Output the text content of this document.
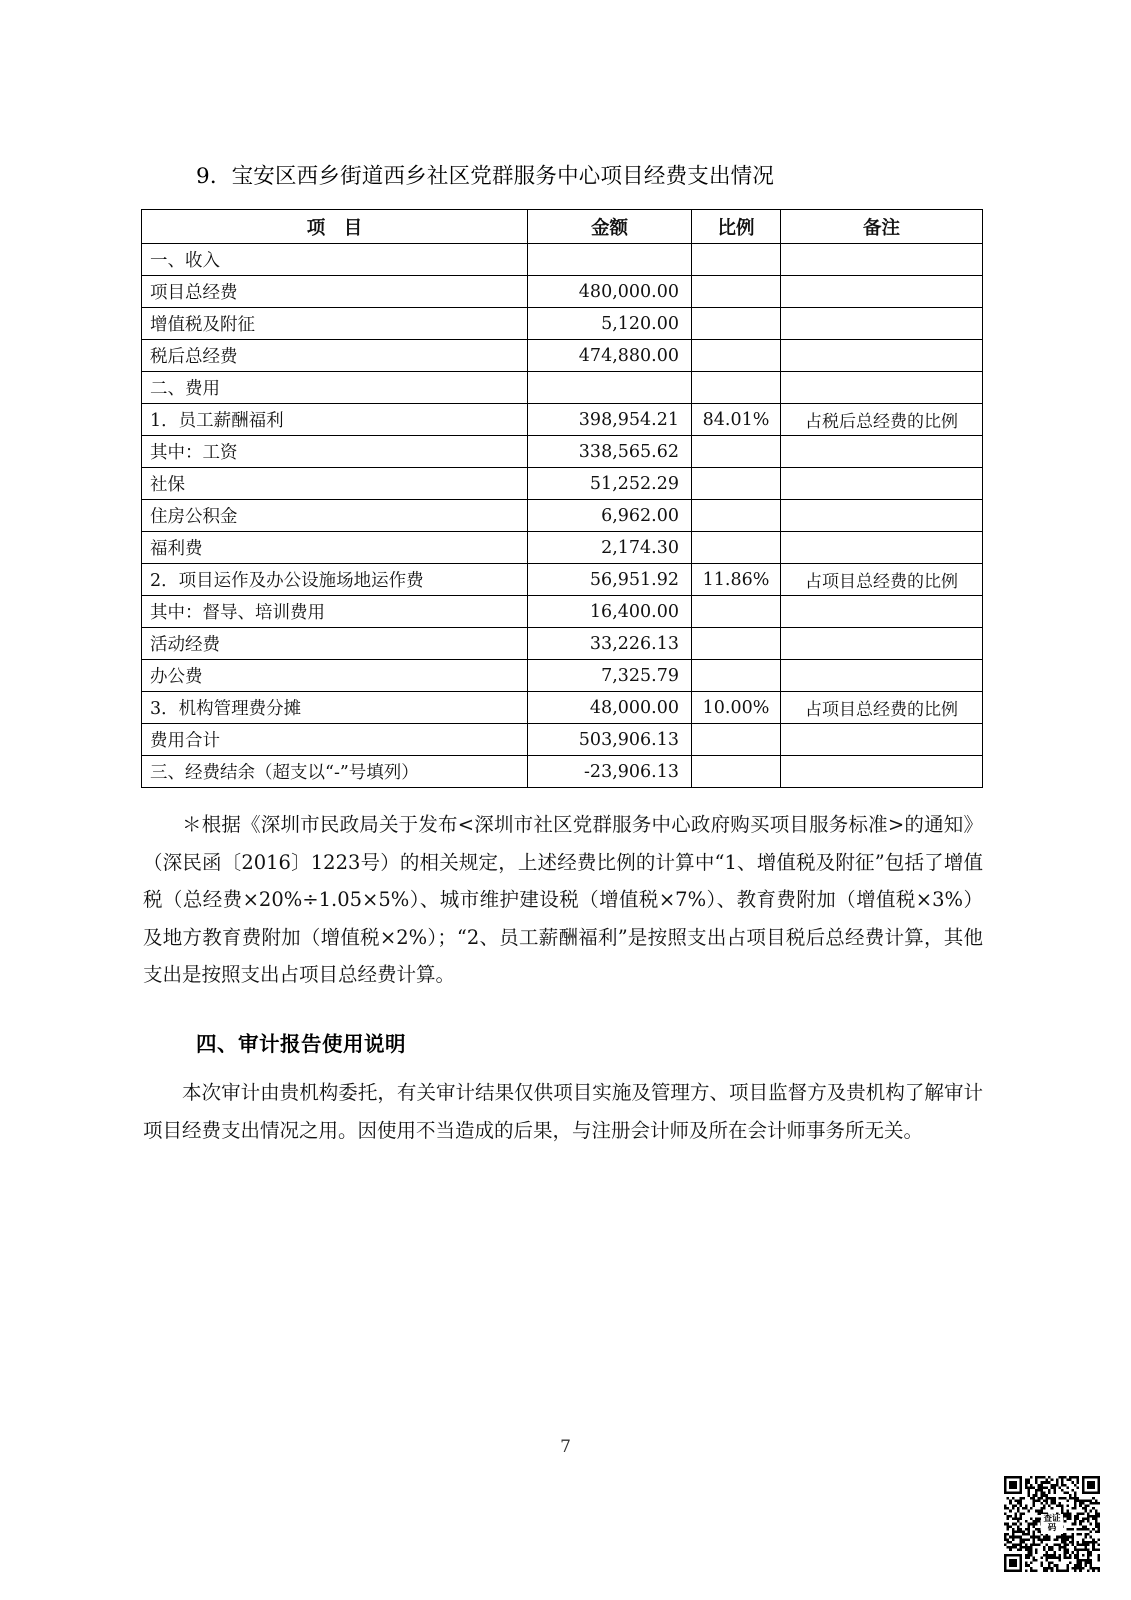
9．宝安区西乡街道西乡社区党群服务中心项目经费支出情况
项　目	金额	比例	备注
一、收入			
项目总经费	480,000.00		
增值税及附征	5,120.00		
税后总经费	474,880.00		
二、费用			
1．员工薪酬福利	398,954.21	84.01%	占税后总经费的比例
其中：工资	338,565.62		
社保	51,252.29		
住房公积金	6,962.00		
福利费	2,174.30		
2．项目运作及办公设施场地运作费	56,951.92	11.86%	占项目总经费的比例
其中：督导、培训费用	16,400.00		
活动经费	33,226.13		
办公费	7,325.79		
3．机构管理费分摊	48,000.00	10.00%	占项目总经费的比例
费用合计	503,906.13		
三、经费结余（超支以“-”号填列）	-23,906.13		
＊根据《深圳市民政局关于发布<深圳市社区党群服务中心政府购买项目服务标准>的通知》（深民函〔2016〕1223号）的相关规定，上述经费比例的计算中“1、增值税及附征”包括了增值税（总经费×20%÷1.05×5%）、城市维护建设税（增值税×7%）、教育费附加（增值税×3%）及地方教育费附加（增值税×2%）；“2、员工薪酬福利”是按照支出占项目税后总经费计算，其他支出是按照支出占项目总经费计算。
四、审计报告使用说明
本次审计由贵机构委托，有关审计结果仅供项目实施及管理方、项目监督方及贵机构了解审计项目经费支出情况之用。因使用不当造成的后果，与注册会计师及所在会计师事务所无关。
7
查证码
